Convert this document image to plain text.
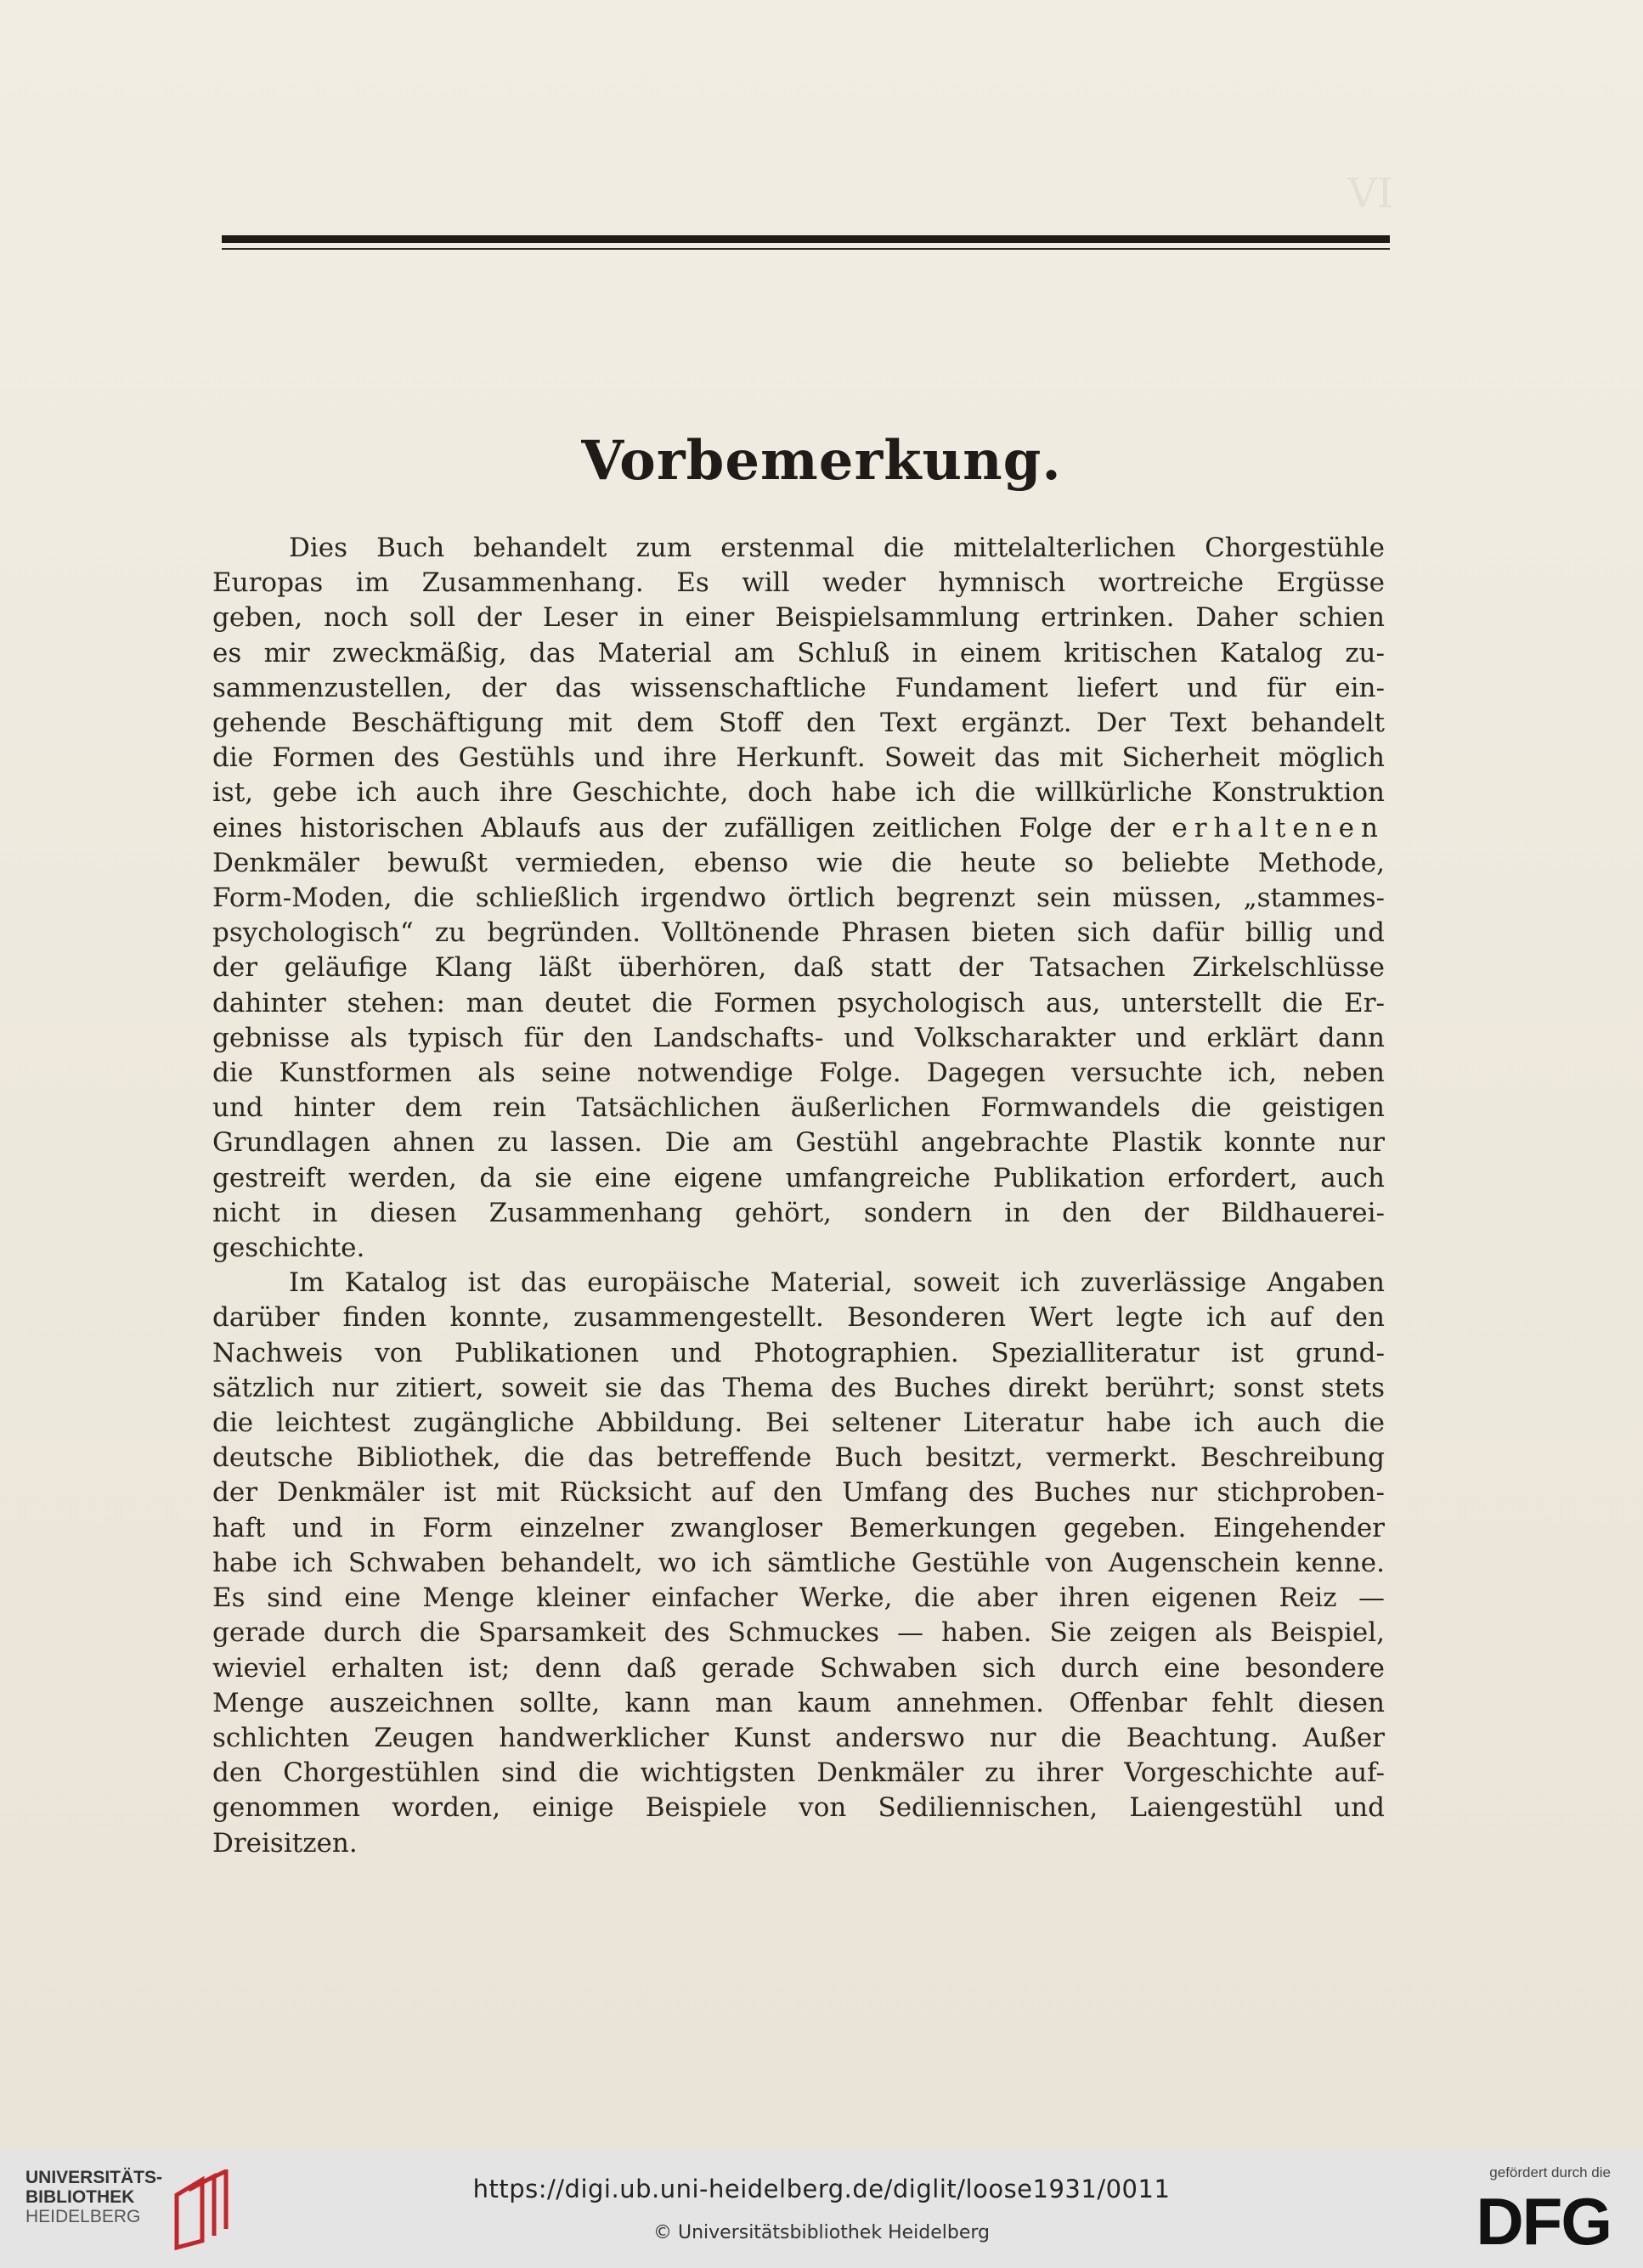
VI
Vorbemerkung.

Dies Buch behandelt zum erstenmal die mittelalterlichen Chorgestühle

Europas im Zusammenhang. Es will weder hymnisch wortreiche Ergüsse

geben, noch soll der Leser in einer Beispielsammlung ertrinken. Daher schien

es mir zweckmäßig, das Material am Schluß in einem kritischen Katalog zu-

sammenzustellen, der das wissenschaftliche Fundament liefert und für ein-

gehende Beschäftigung mit dem Stoff den Text ergänzt. Der Text behandelt

die Formen des Gestühls und ihre Herkunft. Soweit das mit Sicherheit möglich

ist, gebe ich auch ihre Geschichte, doch habe ich die willkürliche Konstruktion

eines historischen Ablaufs aus der zufälligen zeitlichen Folge der erhaltenen

Denkmäler bewußt vermieden, ebenso wie die heute so beliebte Methode,

Form-Moden, die schließlich irgendwo örtlich begrenzt sein müssen, „stammes-

psychologisch“ zu begründen. Volltönende Phrasen bieten sich dafür billig und

der geläufige Klang läßt überhören, daß statt der Tatsachen Zirkelschlüsse

dahinter stehen: man deutet die Formen psychologisch aus, unterstellt die Er-

gebnisse als typisch für den Landschafts- und Volkscharakter und erklärt dann

die Kunstformen als seine notwendige Folge. Dagegen versuchte ich, neben

und hinter dem rein Tatsächlichen äußerlichen Formwandels die geistigen

Grundlagen ahnen zu lassen. Die am Gestühl angebrachte Plastik konnte nur

gestreift werden, da sie eine eigene umfangreiche Publikation erfordert, auch

nicht in diesen Zusammenhang gehört, sondern in den der Bildhauerei-

geschichte.

Im Katalog ist das europäische Material, soweit ich zuverlässige Angaben

darüber finden konnte, zusammengestellt. Besonderen Wert legte ich auf den

Nachweis von Publikationen und Photographien. Spezialliteratur ist grund-

sätzlich nur zitiert, soweit sie das Thema des Buches direkt berührt; sonst stets

die leichtest zugängliche Abbildung. Bei seltener Literatur habe ich auch die

deutsche Bibliothek, die das betreffende Buch besitzt, vermerkt. Beschreibung

der Denkmäler ist mit Rücksicht auf den Umfang des Buches nur stichproben-

haft und in Form einzelner zwangloser Bemerkungen gegeben. Eingehender

habe ich Schwaben behandelt, wo ich sämtliche Gestühle von Augenschein kenne.

Es sind eine Menge kleiner einfacher Werke, die aber ihren eigenen Reiz —

gerade durch die Sparsamkeit des Schmuckes — haben. Sie zeigen als Beispiel,

wieviel erhalten ist; denn daß gerade Schwaben sich durch eine besondere

Menge auszeichnen sollte, kann man kaum annehmen. Offenbar fehlt diesen

schlichten Zeugen handwerklicher Kunst anderswo nur die Beachtung. Außer

den Chorgestühlen sind die wichtigsten Denkmäler zu ihrer Vorgeschichte auf-

genommen worden, einige Beispiele von Sediliennischen, Laiengestühl und

Dreisitzen.

UNIVERSITÄTS-
BIBLIOTHEK
HEIDELBERG
https://digi.ub.uni-heidelberg.de/diglit/loose1931/0011
© Universitätsbibliothek Heidelberg
gefördert durch die
DFG
